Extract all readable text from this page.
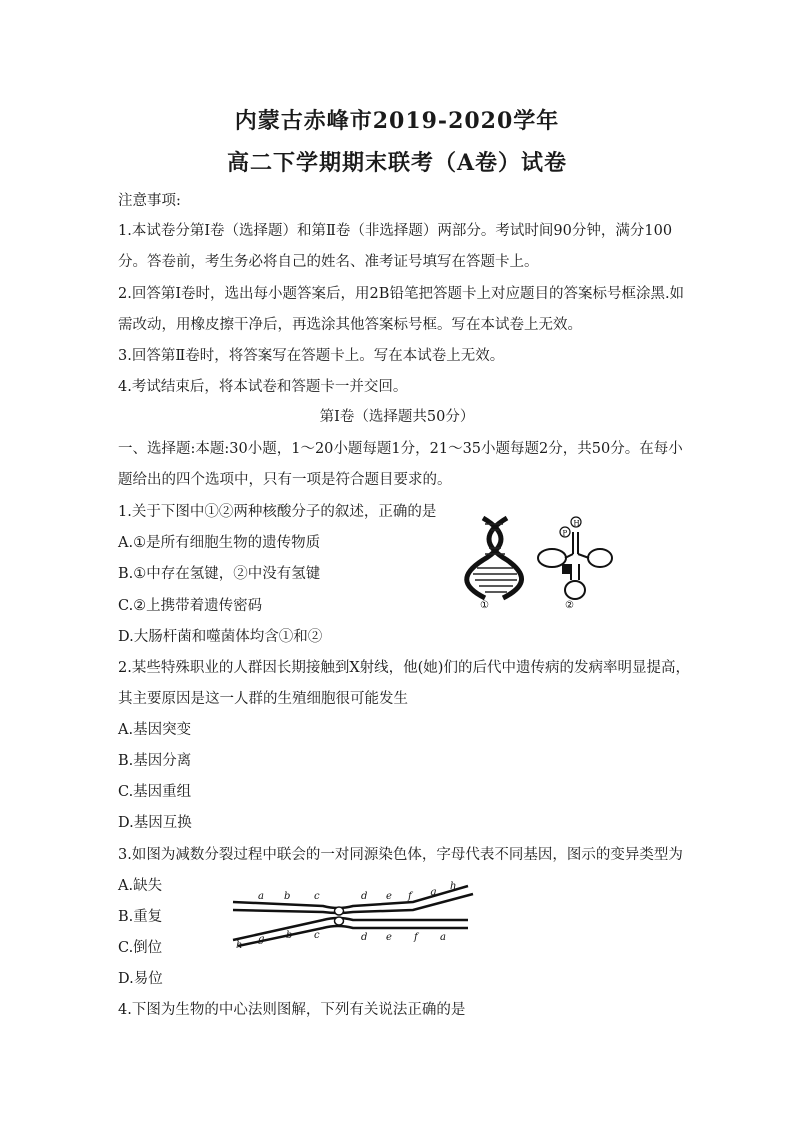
内蒙古赤峰市2019-2020学年
高二下学期期末联考（A卷）试卷
注意事项:
1.本试卷分第Ⅰ卷（选择题）和第Ⅱ卷（非选择题）两部分。考试时间90分钟，满分100
分。答卷前，考生务必将自己的姓名、准考证号填写在答题卡上。
2.回答第Ⅰ卷时，选出每小题答案后，用2B铅笔把答题卡上对应题目的答案标号框涂黑.如
需改动，用橡皮擦干净后，再选涂其他答案标号框。写在本试卷上无效。
3.回答第Ⅱ卷时，将答案写在答题卡上。写在本试卷上无效。
4.考试结束后，将本试卷和答题卡一并交回。
第Ⅰ卷（选择题共50分）
一、选择题:本题:30小题，1～20小题每题1分，21～35小题每题2分，共50分。在每小
题给出的四个选项中，只有一项是符合题目要求的。
1.关于下图中①②两种核酸分子的叙述，正确的是
A.①是所有细胞生物的遗传物质
B.①中存在氢键，②中没有氢键
C.②上携带着遗传密码
D.大肠杆菌和噬菌体均含①和②
①
P
H
②
2.某些特殊职业的人群因长期接触到X射线，他(她)们的后代中遗传病的发病率明显提高，
其主要原因是这一人群的生殖细胞很可能发生
A.基因突变
B.基因分离
C.基因重组
D.基因互换
3.如图为减数分裂过程中联会的一对同源染色体，字母代表不同基因，图示的变异类型为
A.缺失
B.重复
C.倒位
D.易位
a b c	d e f g
h
h
g b c	d e f a
4.下图为生物的中心法则图解，下列有关说法正确的是
